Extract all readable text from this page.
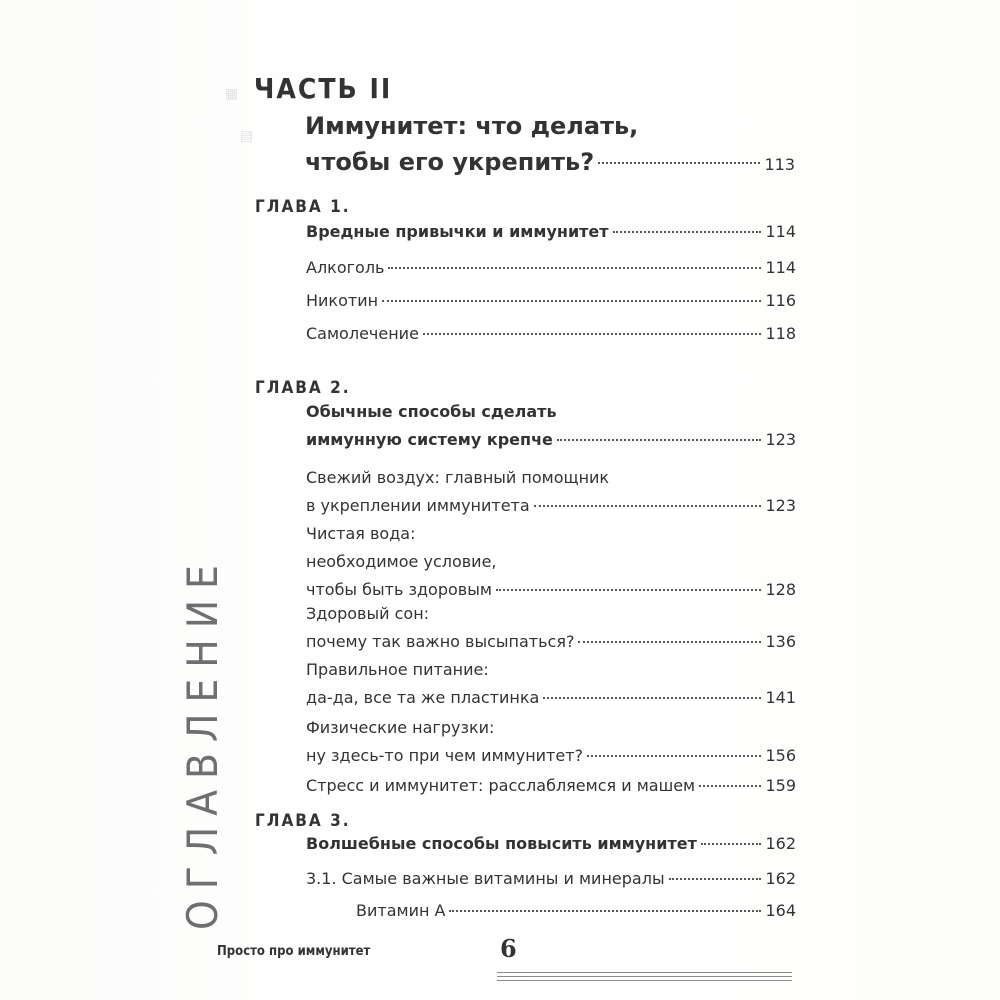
▦
▤
ОГЛАВЛЕНИЕ
ЧАСТЬ II
Иммунитет: что делать,
чтобы его укрепить?	113
ГЛАВА 1.
Вредные привычки и иммунитет	114
Алкоголь	114
Никотин	116
Самолечение	118
ГЛАВА 2.
Обычные способы сделать
иммунную систему крепче	123
Свежий воздух: главный помощник
в укреплении иммунитета	123
Чистая вода:
необходимое условие,
чтобы быть здоровым	128
Здоровый сон:
почему так важно высыпаться?	136
Правильное питание:
да-да, все та же пластинка	141
Физические нагрузки:
ну здесь-то при чем иммунитет?	156
Стресс и иммунитет: расслабляемся и машем	159
ГЛАВА 3.
Волшебные способы повысить иммунитет	162
3.1. Самые важные витамины и минералы	162
Витамин А	164
Просто про иммунитет	6
